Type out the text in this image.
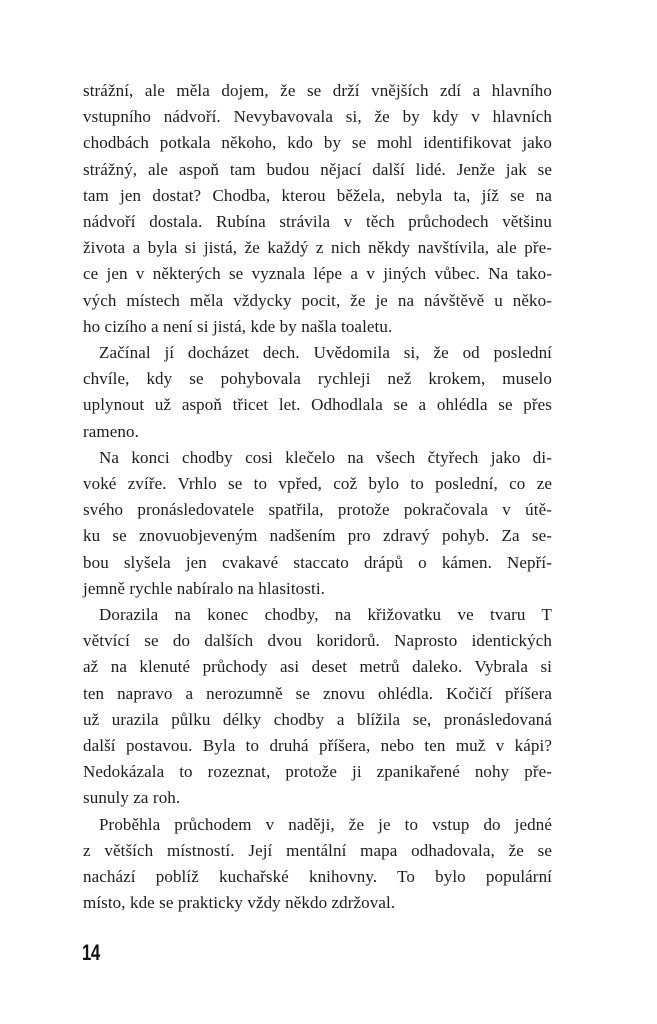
strážní, ale měla dojem, že se drží vnějších zdí a hlavního
vstupního nádvoří. Nevybavovala si, že by kdy v hlavních
chodbách potkala někoho, kdo by se mohl identifikovat jako
strážný, ale aspoň tam budou nějací další lidé. Jenže jak se
tam jen dostat? Chodba, kterou běžela, nebyla ta, jíž se na
nádvoří dostala. Rubína strávila v těch průchodech většinu
života a byla si jistá, že každý z nich někdy navštívila, ale pře-
ce jen v některých se vyznala lépe a v jiných vůbec. Na tako-
vých místech měla vždycky pocit, že je na návštěvě u něko-
ho cizího a není si jistá, kde by našla toaletu.
Začínal jí docházet dech. Uvědomila si, že od poslední
chvíle, kdy se pohybovala rychleji než krokem, muselo
uplynout už aspoň třicet let. Odhodlala se a ohlédla se přes
rameno.
Na konci chodby cosi klečelo na všech čtyřech jako di-
voké zvíře. Vrhlo se to vpřed, což bylo to poslední, co ze
svého pronásledovatele spatřila, protože pokračovala v útě-
ku se znovuobjeveným nadšením pro zdravý pohyb. Za se-
bou slyšela jen cvakavé staccato drápů o kámen. Nepří-
jemně rychle nabíralo na hlasitosti.
Dorazila na konec chodby, na křižovatku ve tvaru T
větvící se do dalších dvou koridorů. Naprosto identických
až na klenuté průchody asi deset metrů daleko. Vybrala si
ten napravo a nerozumně se znovu ohlédla. Kočičí příšera
už urazila půlku délky chodby a blížila se, pronásledovaná
další postavou. Byla to druhá příšera, nebo ten muž v kápi?
Nedokázala to rozeznat, protože ji zpanikařené nohy pře-
sunuly za roh.
Proběhla průchodem v naději, že je to vstup do jedné
z větších místností. Její mentální mapa odhadovala, že se
nachází poblíž kuchařské knihovny. To bylo populární
místo, kde se prakticky vždy někdo zdržoval.
14
